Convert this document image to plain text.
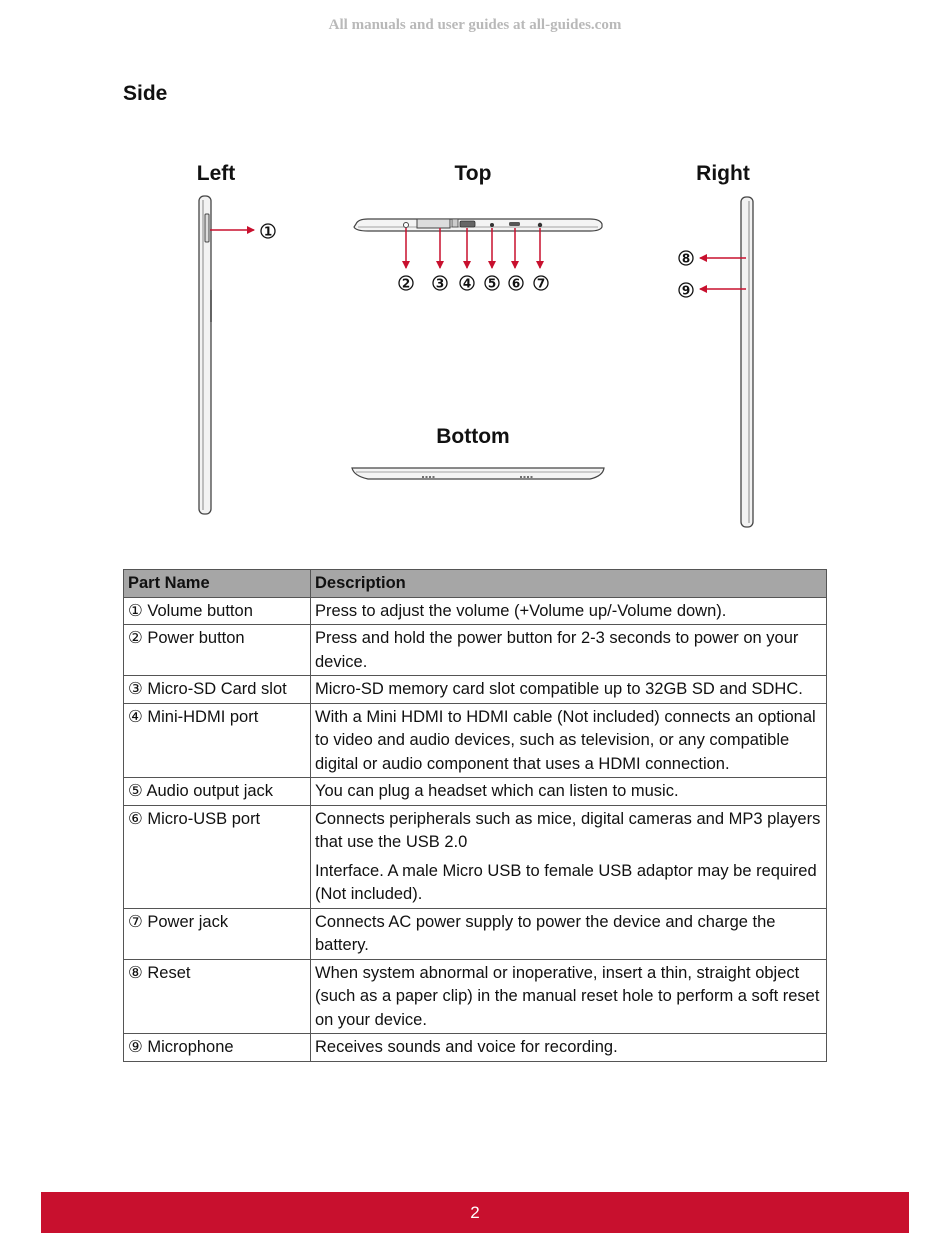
All manuals and user guides at all-guides.com
Side
Left	Top	Right
Bottom
1
2 3 4 5 6 7
8
9
Part Name	Description
① Volume button	Press to adjust the volume (+Volume up/-Volume down).

② Power button	Press and hold the power button for 2-3 seconds to power on your device.

③ Micro-SD Card slot	Micro-SD memory card slot compatible up to 32GB SD and SDHC.

④ Mini-HDMI port	With a Mini HDMI to HDMI cable (Not included) connects an optional to video and audio devices, such as television, or any compatible digital or audio component that uses a HDMI connection.

⑤ Audio output jack	You can plug a headset which can listen to music.

⑥ Micro-USB port	Connects peripherals such as mice, digital cameras and MP3 players that use the USB 2.0
Interface. A male Micro USB to female USB adaptor may be required (Not included).

⑦ Power jack	Connects AC power supply to power the device and charge the battery.

⑧ Reset	When system abnormal or inoperative, insert a thin, straight object (such as a paper clip) in the manual reset hole to perform a soft reset on your device.

⑨ Microphone	Receives sounds and voice for recording.
2
